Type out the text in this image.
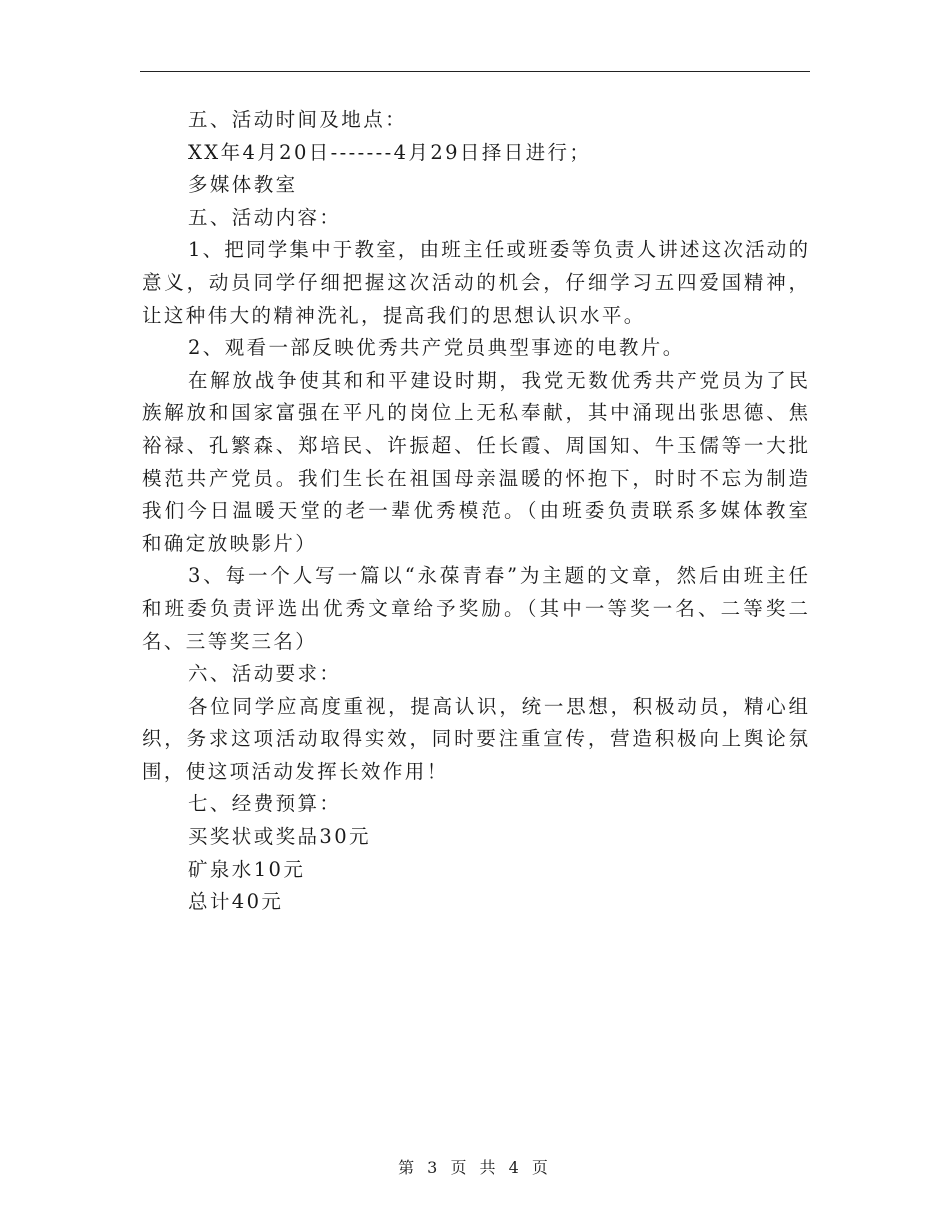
五、活动时间及地点：
XX年4月20日-------4月29日择日进行；
多媒体教室
五、活动内容：
1、把同学集中于教室，由班主任或班委等负责人讲述这次活动的
意义，动员同学仔细把握这次活动的机会，仔细学习五四爱国精神，
让这种伟大的精神洗礼，提高我们的思想认识水平。
2、观看一部反映优秀共产党员典型事迹的电教片。
在解放战争使其和和平建设时期，我党无数优秀共产党员为了民
族解放和国家富强在平凡的岗位上无私奉献，其中涌现出张思德、焦
裕禄、孔繁森、郑培民、许振超、任长霞、周国知、牛玉儒等一大批
模范共产党员。我们生长在祖国母亲温暖的怀抱下，时时不忘为制造
我们今日温暖天堂的老一辈优秀模范。（由班委负责联系多媒体教室
和确定放映影片）
3、每一个人写一篇以“永葆青春”为主题的文章，然后由班主任
和班委负责评选出优秀文章给予奖励。（其中一等奖一名、二等奖二
名、三等奖三名）
六、活动要求：
各位同学应高度重视，提高认识，统一思想，积极动员，精心组
织，务求这项活动取得实效，同时要注重宣传，营造积极向上舆论氛
围，使这项活动发挥长效作用！
七、经费预算：
买奖状或奖品30元
矿泉水10元
总计40元
第 3 页 共 4 页
